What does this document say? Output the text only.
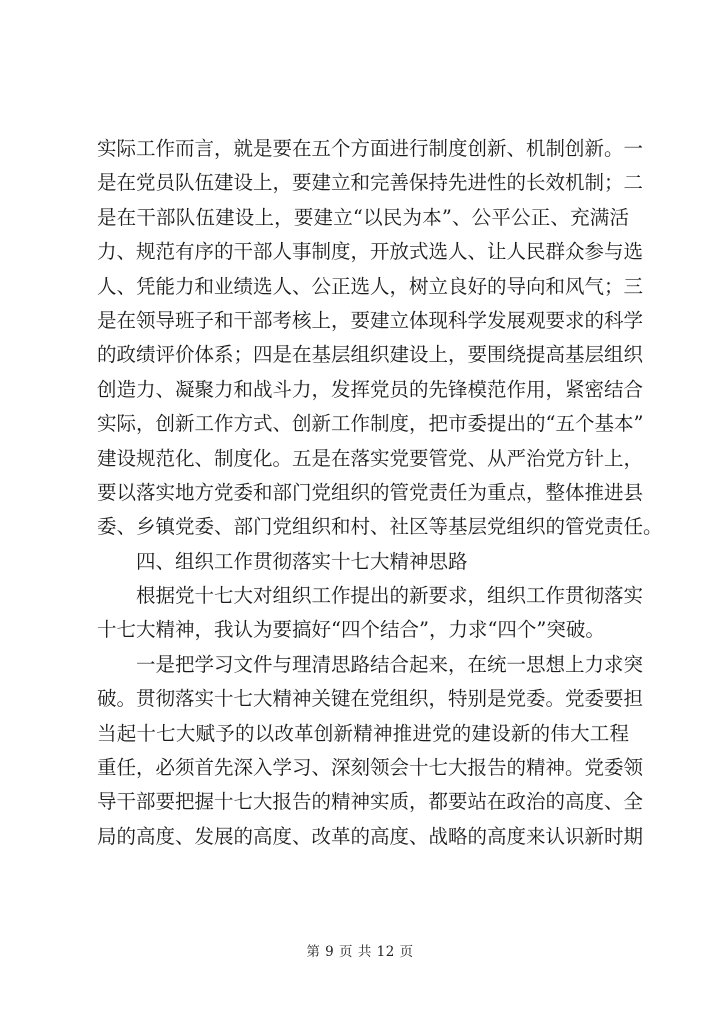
实际工作而言，就是要在五个方面进行制度创新、机制创新。一
是在党员队伍建设上，要建立和完善保持先进性的长效机制；二
是在干部队伍建设上，要建立“以民为本”、公平公正、充满活
力、规范有序的干部人事制度，开放式选人、让人民群众参与选
人、凭能力和业绩选人、公正选人，树立良好的导向和风气；三
是在领导班子和干部考核上，要建立体现科学发展观要求的科学
的政绩评价体系；四是在基层组织建设上，要围绕提高基层组织
创造力、凝聚力和战斗力，发挥党员的先锋模范作用，紧密结合
实际，创新工作方式、创新工作制度，把市委提出的“五个基本”
建设规范化、制度化。五是在落实党要管党、从严治党方针上，
要以落实地方党委和部门党组织的管党责任为重点，整体推进县
委、乡镇党委、部门党组织和村、社区等基层党组织的管党责任。
四、组织工作贯彻落实十七大精神思路
根据党十七大对组织工作提出的新要求，组织工作贯彻落实
十七大精神，我认为要搞好“四个结合”，力求“四个”突破。
一是把学习文件与理清思路结合起来，在统一思想上力求突
破。贯彻落实十七大精神关键在党组织，特别是党委。党委要担
当起十七大赋予的以改革创新精神推进党的建设新的伟大工程
重任，必须首先深入学习、深刻领会十七大报告的精神。党委领
导干部要把握十七大报告的精神实质，都要站在政治的高度、全
局的高度、发展的高度、改革的高度、战略的高度来认识新时期
第 9 页 共 12 页
